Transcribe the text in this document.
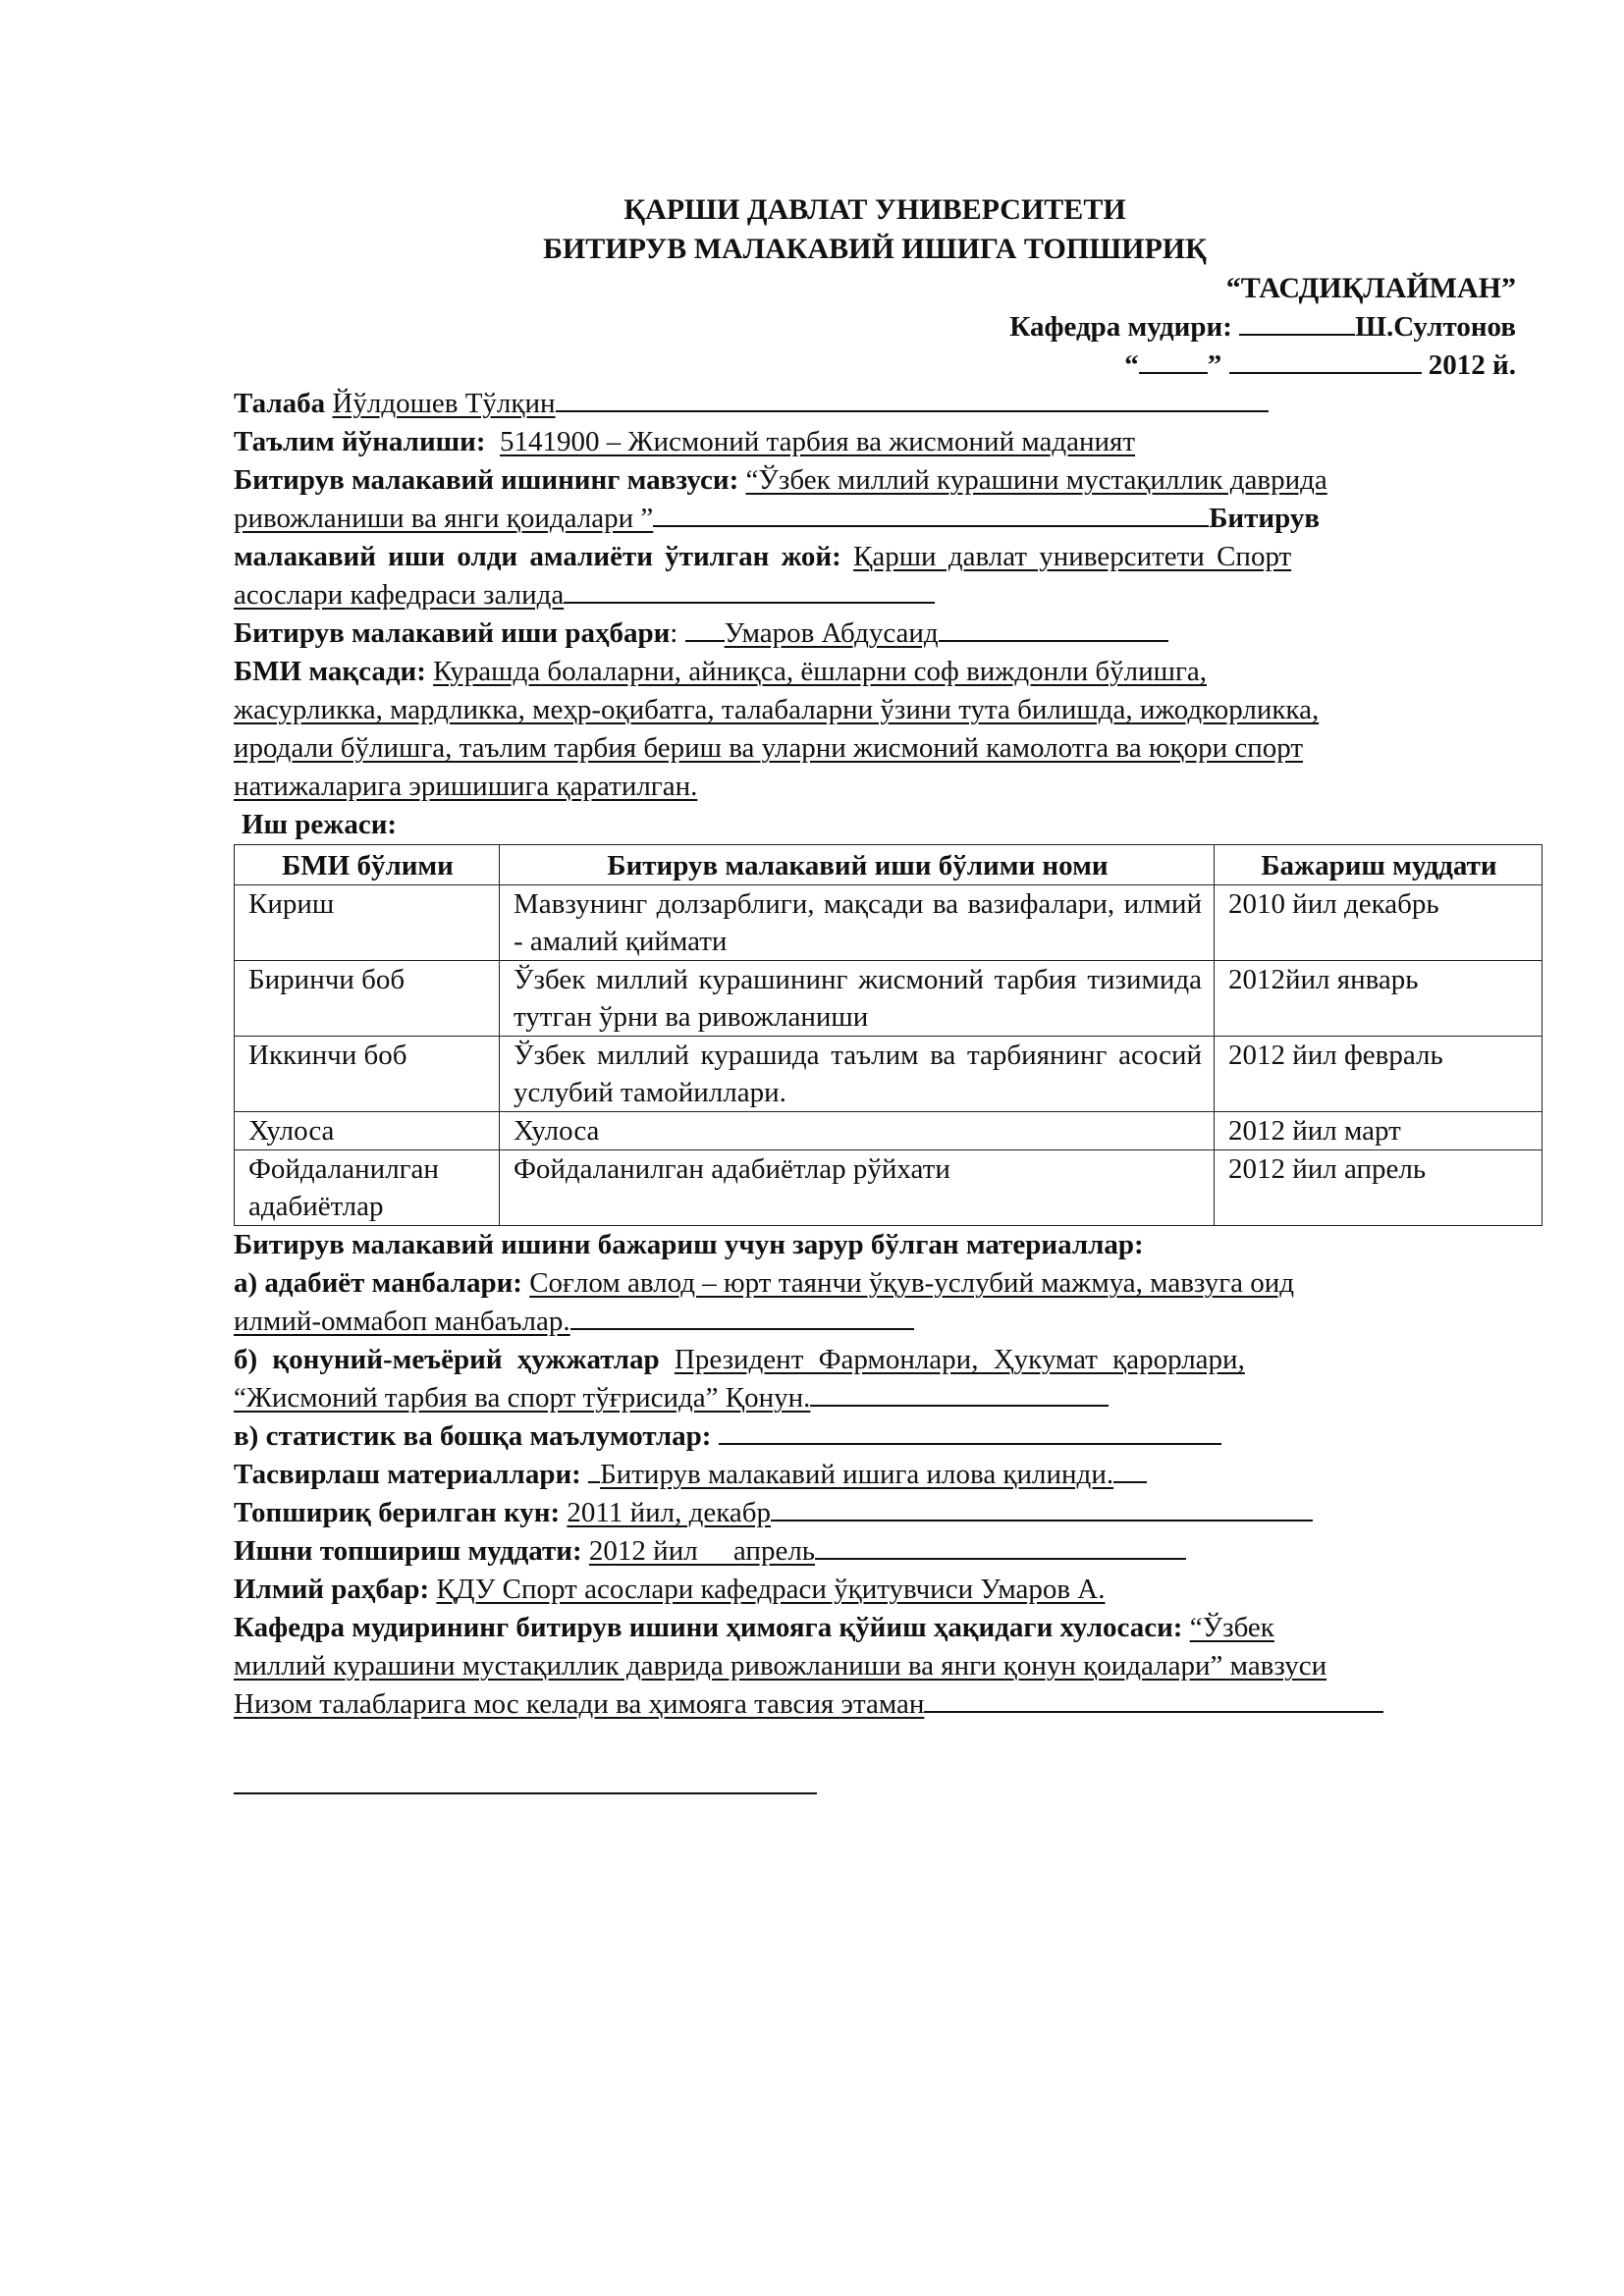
ҚАРШИ ДАВЛАТ УНИВЕРСИТЕТИ

БИТИРУВ МАЛАКАВИЙ ИШИГА ТОПШИРИҚ

“ТАСДИҚЛАЙМАН”

Кафедра мудири:	Ш.Султонов

“ ”	2012 й.

Талаба Йўлдошев Тўлқин

Таълим йўналиши: 5141900 – Жисмоний тарбия ва жисмоний маданият

Битирув малакавий ишининг мавзуси: “Ўзбек миллий курашини мустақиллик даврида

ривожланиши ва янги қоидалари ”	Битирув

малакавий иши олди амалиёти ўтилган жой: Қарши давлат университети Спорт

асослари кафедраси залида

Битирув малакавий иши раҳбари: Умаров Абдусаид

БМИ мақсади: Курашда болаларни, айниқса, ёшларни соф виждонли бўлишга,

жасурликка, мардликка, меҳр-оқибатга, талабаларни ўзини тута билишда, ижодкорликка,

иродали бўлишга, таълим тарбия бериш ва уларни жисмоний камолотга ва юқори спорт

натижаларига эришишига қаратилган.

Иш режаси:

БМИ бўлими	Битирув малакавий иши бўлими номи	Бажариш муддати
Кириш	Мавзунинг долзарблиги, мақсади ва вазифалари, илмий - амалий қиймати	2010 йил декабрь
Биринчи боб	Ўзбек миллий курашининг жисмоний тарбия тизимида тутган ўрни ва ривожланиши	2012йил январь
Иккинчи боб	Ўзбек миллий курашида таълим ва тарбиянинг асосий услубий тамойиллари.	2012 йил февраль
Хулоса	Хулоса	2012 йил март
Фойдаланилган адабиётлар	Фойдаланилган адабиётлар рўйхати	2012 йил апрель

Битирув малакавий ишини бажариш учун зарур бўлган материаллар:

а) адабиёт манбалари: Соғлом авлод – юрт таянчи ўқув-услубий мажмуа, мавзуга оид

илмий-оммабоп манбаълар.

б) қонуний-меъёрий ҳужжатлар Президент Фармонлари, Ҳукумат қарорлари,

“Жисмоний тарбия ва спорт тўғрисида” Қонун.

в) статистик ва бошқа маълумотлар:

Тасвирлаш материаллари: Битирув малакавий ишига илова қилинди.

Топшириқ берилган кун: 2011 йил, декабр

Ишни топшириш муддати: 2012 йил     апрель

Илмий раҳбар: ҚДУ Спорт асослари кафедраси ўқитувчиси Умаров А.

Кафедра мудирининг битирув ишини ҳимояга қўйиш ҳақидаги хулосаси: “Ўзбек

миллий курашини мустақиллик даврида ривожланиши ва янги қонун қоидалари” мавзуси

Низом талабларига мос келади ва ҳимояга тавсия этаман
